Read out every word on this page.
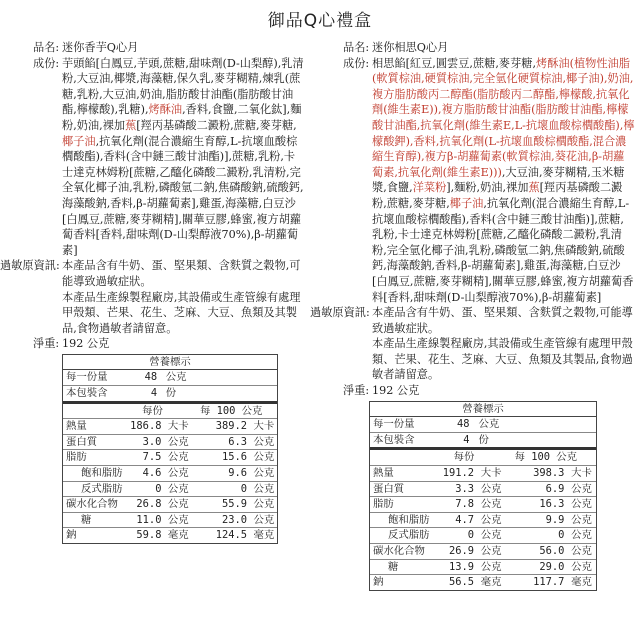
御品Q心禮盒
品名: 迷你香芋Q心月
成份: 芋頭餡[白鳳豆,芋頭,蔗糖,甜味劑(D-山梨醇),乳清粉,大豆油,椰漿,海藻糖,保久乳,麥芽糊精,煉乳(蔗糖,乳粉,大豆油,奶油,脂肪酸甘油酯(脂肪酸甘油酯,檸檬酸),乳糖),烤酥油,香料,食鹽,二氧化鈦],麵粉,奶油,裸加蕉[羥丙基磷酸二澱粉,蔗糖,麥芽糖,椰子油,抗氧化劑(混合濃縮生育醇,L-抗壞血酸棕櫚酸酯),香料(含中鏈三酸甘油酯)],蔗糖,乳粉,卡士達克林姆粉[蔗糖,乙醯化磷酸二澱粉,乳清粉,完全氧化椰子油,乳粉,磷酸氫二鈉,焦磷酸鈉,硫酸鈣,海藻酸鈉,香料,β-胡蘿蔔素],雞蛋,海藻糖,白豆沙[白鳳豆,蔗糖,麥芽糊精],關華豆膠,蜂蜜,複方胡蘿蔔香料[香料,甜味劑(D-山梨醇液70%),β-胡蘿蔔素]
過敏原資訊: 本產品含有牛奶、蛋、堅果類、含麩質之穀物,可能導致過敏症狀。
本產品生產線製程廠房,其設備或生產管線有處理甲殼類、芒果、花生、芝麻、大豆、魚類及其製品,食物過敏者請留意。
淨重: 192 公克
營養標示
每一份量	48 公克
本包裝含	4 份
每份	每 100 公克
熱量	186.8 大卡	389.2 大卡
蛋白質	3.0 公克	6.3 公克
脂肪	7.5 公克	15.6 公克
飽和脂肪 4.6 公克	9.6 公克
反式脂肪	0 公克	0 公克
碳水化合物 26.8 公克	55.9 公克
糖	11.0 公克	23.0 公克
鈉	59.8 毫克	124.5 毫克
品名: 迷你相思Q心月
成份: 相思餡[紅豆,圓雲豆,蔗糖,麥芽糖,烤酥油(植物性油脂(軟質棕油,硬質棕油,完全氫化硬質棕油,椰子油),奶油,複方脂肪酸丙二醇酯(脂肪酸丙二醇酯,檸檬酸,抗氧化劑(維生素E)),複方脂肪酸甘油酯(脂肪酸甘油酯,檸檬酸甘油酯,抗氧化劑(維生素E,L-抗壞血酸棕櫚酸酯),檸檬酸鉀),香料,抗氧化劑(L-抗壞血酸棕櫚酸酯,混合濃縮生育醇),複方β-胡蘿蔔素(軟質棕油,葵花油,β-胡蘿蔔素,抗氧化劑(維生素E))),大豆油,麥芽糊精,玉米糖漿,食鹽,洋菜粉],麵粉,奶油,裸加蕉[羥丙基磷酸二澱粉,蔗糖,麥芽糖,椰子油,抗氧化劑(混合濃縮生育醇,L-抗壞血酸棕櫚酸酯),香料(含中鏈三酸甘油酯)],蔗糖,乳粉,卡士達克林姆粉[蔗糖,乙醯化磷酸二澱粉,乳清粉,完全氫化椰子油,乳粉,磷酸氫二鈉,焦磷酸鈉,硫酸鈣,海藻酸鈉,香料,β-胡蘿蔔素],雞蛋,海藻糖,白豆沙[白鳳豆,蔗糖,麥芽糊精],關華豆膠,蜂蜜,複方胡蘿蔔香料[香料,甜味劑(D-山梨醇液70%),β-胡蘿蔔素]
過敏原資訊: 本產品含有牛奶、蛋、堅果類、含麩質之穀物,可能導致過敏症狀。
本產品生產線製程廠房,其設備或生產管線有處理甲殼類、芒果、花生、芝麻、大豆、魚類及其製品,食物過敏者請留意。
淨重: 192 公克
營養標示
每一份量	48 公克
本包裝含	4 份
每份	每 100 公克
熱量	191.2 大卡	398.3 大卡
蛋白質	3.3 公克	6.9 公克
脂肪	7.8 公克	16.3 公克
飽和脂肪 4.7 公克	9.9 公克
反式脂肪	0 公克	0 公克
碳水化合物 26.9 公克	56.0 公克
糖	13.9 公克	29.0 公克
鈉	56.5 毫克	117.7 毫克
